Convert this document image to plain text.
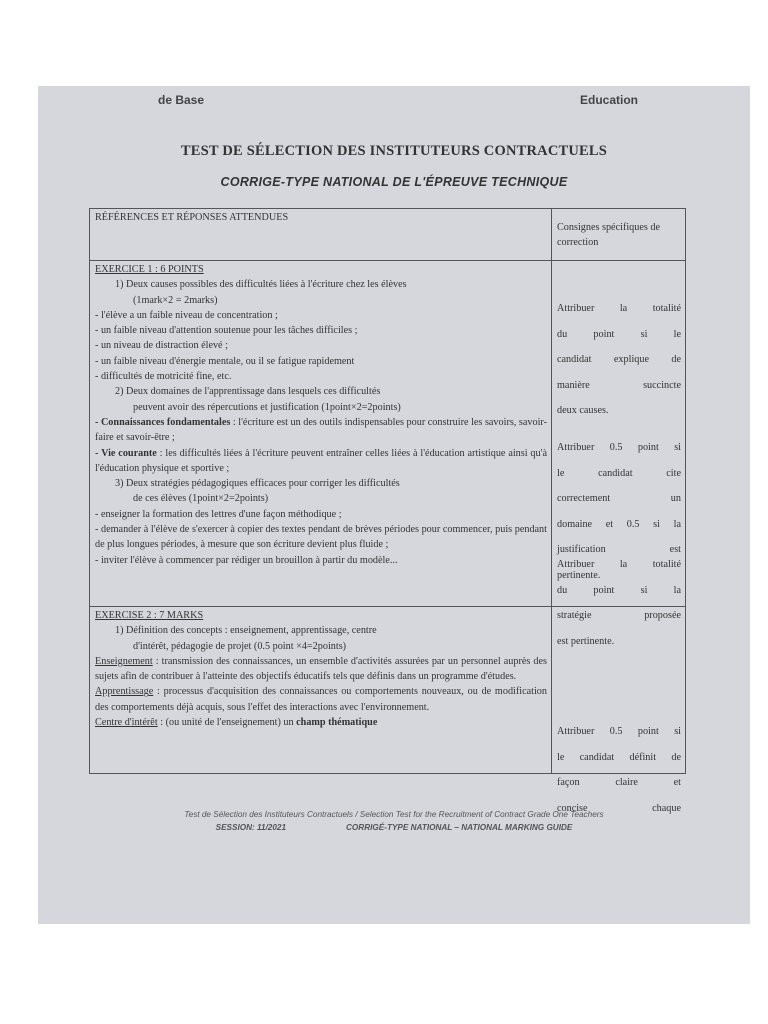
de Base	Education
TEST DE SÉLECTION DES INSTITUTEURS CONTRACTUELS
CORRIGE-TYPE NATIONAL DE L'ÉPREUVE TECHNIQUE
RÉFÉRENCES ET RÉPONSES ATTENDUES

Consignes spécifiques de correction

EXERCICE 1 : 6 POINTS

1) Deux causes possibles des difficultés liées à l'écriture chez les élèves

(1mark×2 = 2marks)

- l'élève a un faible niveau de concentration ;

- un faible niveau d'attention soutenue pour les tâches difficiles ;

- un niveau de distraction élevé ;

- un faible niveau d'énergie mentale, ou il se fatigue rapidement

- difficultés de motricité fine, etc.

2) Deux domaines de l'apprentissage dans lesquels ces difficultés

peuvent avoir des répercutions et justification (1point×2=2points)

- Connaissances fondamentales : l'écriture est un des outils indispensables pour construire les savoirs, savoir-faire et savoir-être ;

- Vie courante : les difficultés liées à l'écriture peuvent entraîner celles liées à l'éducation artistique ainsi qu'à l'éducation physique et sportive ;

3) Deux stratégies pédagogiques efficaces pour corriger les difficultés

de ces élèves (1point×2=2points)

- enseigner la formation des lettres d'une façon méthodique ;

- demander à l'élève de s'exercer à copier des textes pendant de brèves périodes pour commencer, puis pendant de plus longues périodes, à mesure que son écriture devient plus fluide ;

- inviter l'élève à commencer par rédiger un brouillon à partir du modèle...

Attribuer la totalité

du point si le

candidat explique de

manière succincte

deux causes.

Attribuer 0.5 point si

le candidat cite

correctement un

domaine et 0.5 si la

justification est

pertinente.

Attribuer la totalité

du point si la

stratégie proposée

est pertinente.

EXERCISE 2 : 7 MARKS

1) Définition des concepts : enseignement, apprentissage, centre

d'intérêt, pédagogie de projet (0.5 point ×4=2points)

Enseignement : transmission des connaissances, un ensemble d'activités assurées par un personnel auprès des sujets afin de contribuer à l'atteinte des objectifs éducatifs tels que définis dans un programme d'études.

Apprentissage : processus d'acquisition des connaissances ou comportements nouveaux, ou de modification des comportements déjà acquis, sous l'effet des interactions avec l'environnement.

Centre d'intérêt : (ou unité de l'enseignement) un champ thématique

Attribuer 0.5 point si

le candidat définit de

façon claire et

concise chaque

Test de Sélection des Instituteurs Contractuels / Selection Test for the Recruitment of Contract Grade One Teachers
SESSION: 11/2021	CORRIGÉ-TYPE NATIONAL – NATIONAL MARKING GUIDE
